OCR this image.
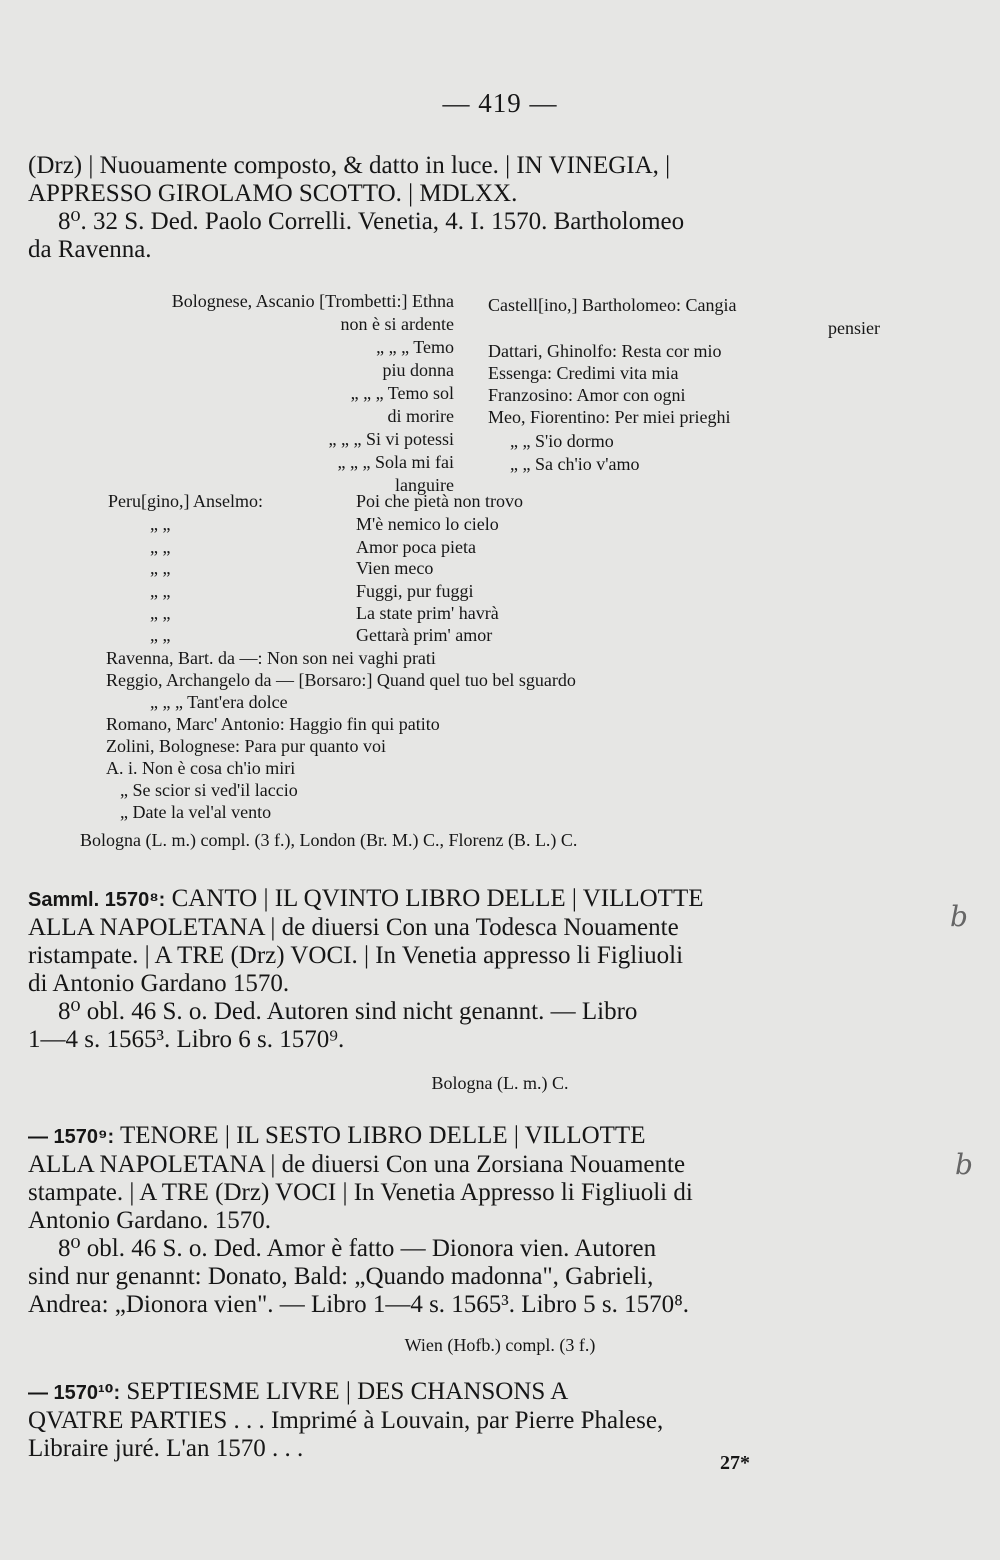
— 419 —

(Drz) | Nuouamente composto, & datto in luce. | IN VINEGIA, |
APPRESSO GIROLAMO SCOTTO. | MDLXX.
8⁰. 32 S. Ded. Paolo Correlli. Venetia, 4. I. 1570. Bartholomeo
da Ravenna.

Bolognese, Ascanio [Trombetti:] Ethna
non è si ardente
„ „ „ Temo
piu donna
„ „ „ Temo sol
di morire
„ „ „ Si vi potessi
„ „ „ Sola mi fai
languire
Castell[ino,] Bartholomeo: Cangia
pensier
Dattari, Ghinolfo: Resta cor mio
Essenga: Credimi vita mia
Franzosino: Amor con ogni
Meo, Fiorentino: Per miei prieghi
„ „ S'io dormo
„ „ Sa ch'io v'amo
Peru[gino,] Anselmo:	Poi che pietà non trovo
„ „	M'è nemico lo cielo
„ „	Amor poca pieta
„ „	Vien meco
„ „	Fuggi, pur fuggi
„ „	La state prim' havrà
„ „	Gettarà prim' amor
Ravenna, Bart. da —: Non son nei vaghi prati
Reggio, Archangelo da — [Borsaro:] Quand quel tuo bel sguardo
„ „ „ Tant'era dolce
Romano, Marc' Antonio: Haggio fin qui patito
Zolini, Bolognese: Para pur quanto voi
A. i. Non è cosa ch'io miri
„ Se scior si ved'il laccio
„ Date la vel'al vento
Bologna (L. m.) compl. (3 f.), London (Br. M.) C., Florenz (B. L.) C.

Samml. 1570⁸: CANTO | IL QVINTO LIBRO DELLE | VILLOTTE
ALLA NAPOLETANA | de diuersi Con una Todesca Nouamente
ristampate. | A TRE (Drz) VOCI. | In Venetia appresso li Figliuoli
di Antonio Gardano 1570.
8⁰ obl. 46 S. o. Ded. Autoren sind nicht genannt. — Libro
1—4 s. 1565³. Libro 6 s. 1570⁹.

Bologna (L. m.) C.

— 1570⁹: TENORE | IL SESTO LIBRO DELLE | VILLOTTE
ALLA NAPOLETANA | de diuersi Con una Zorsiana Nouamente
stampate. | A TRE (Drz) VOCI | In Venetia Appresso li Figliuoli di
Antonio Gardano. 1570.
8⁰ obl. 46 S. o. Ded. Amor è fatto — Dionora vien. Autoren
sind nur genannt: Donato, Bald: „Quando madonna", Gabrieli,
Andrea: „Dionora vien". — Libro 1—4 s. 1565³. Libro 5 s. 1570⁸.

Wien (Hofb.) compl. (3 f.)

— 1570¹⁰: SEPTIESME LIVRE | DES CHANSONS A
QVATRE PARTIES . . . Imprimé à Louvain, par Pierre Phalese,
Libraire juré. L'an 1570 . . .

b
b
27*
